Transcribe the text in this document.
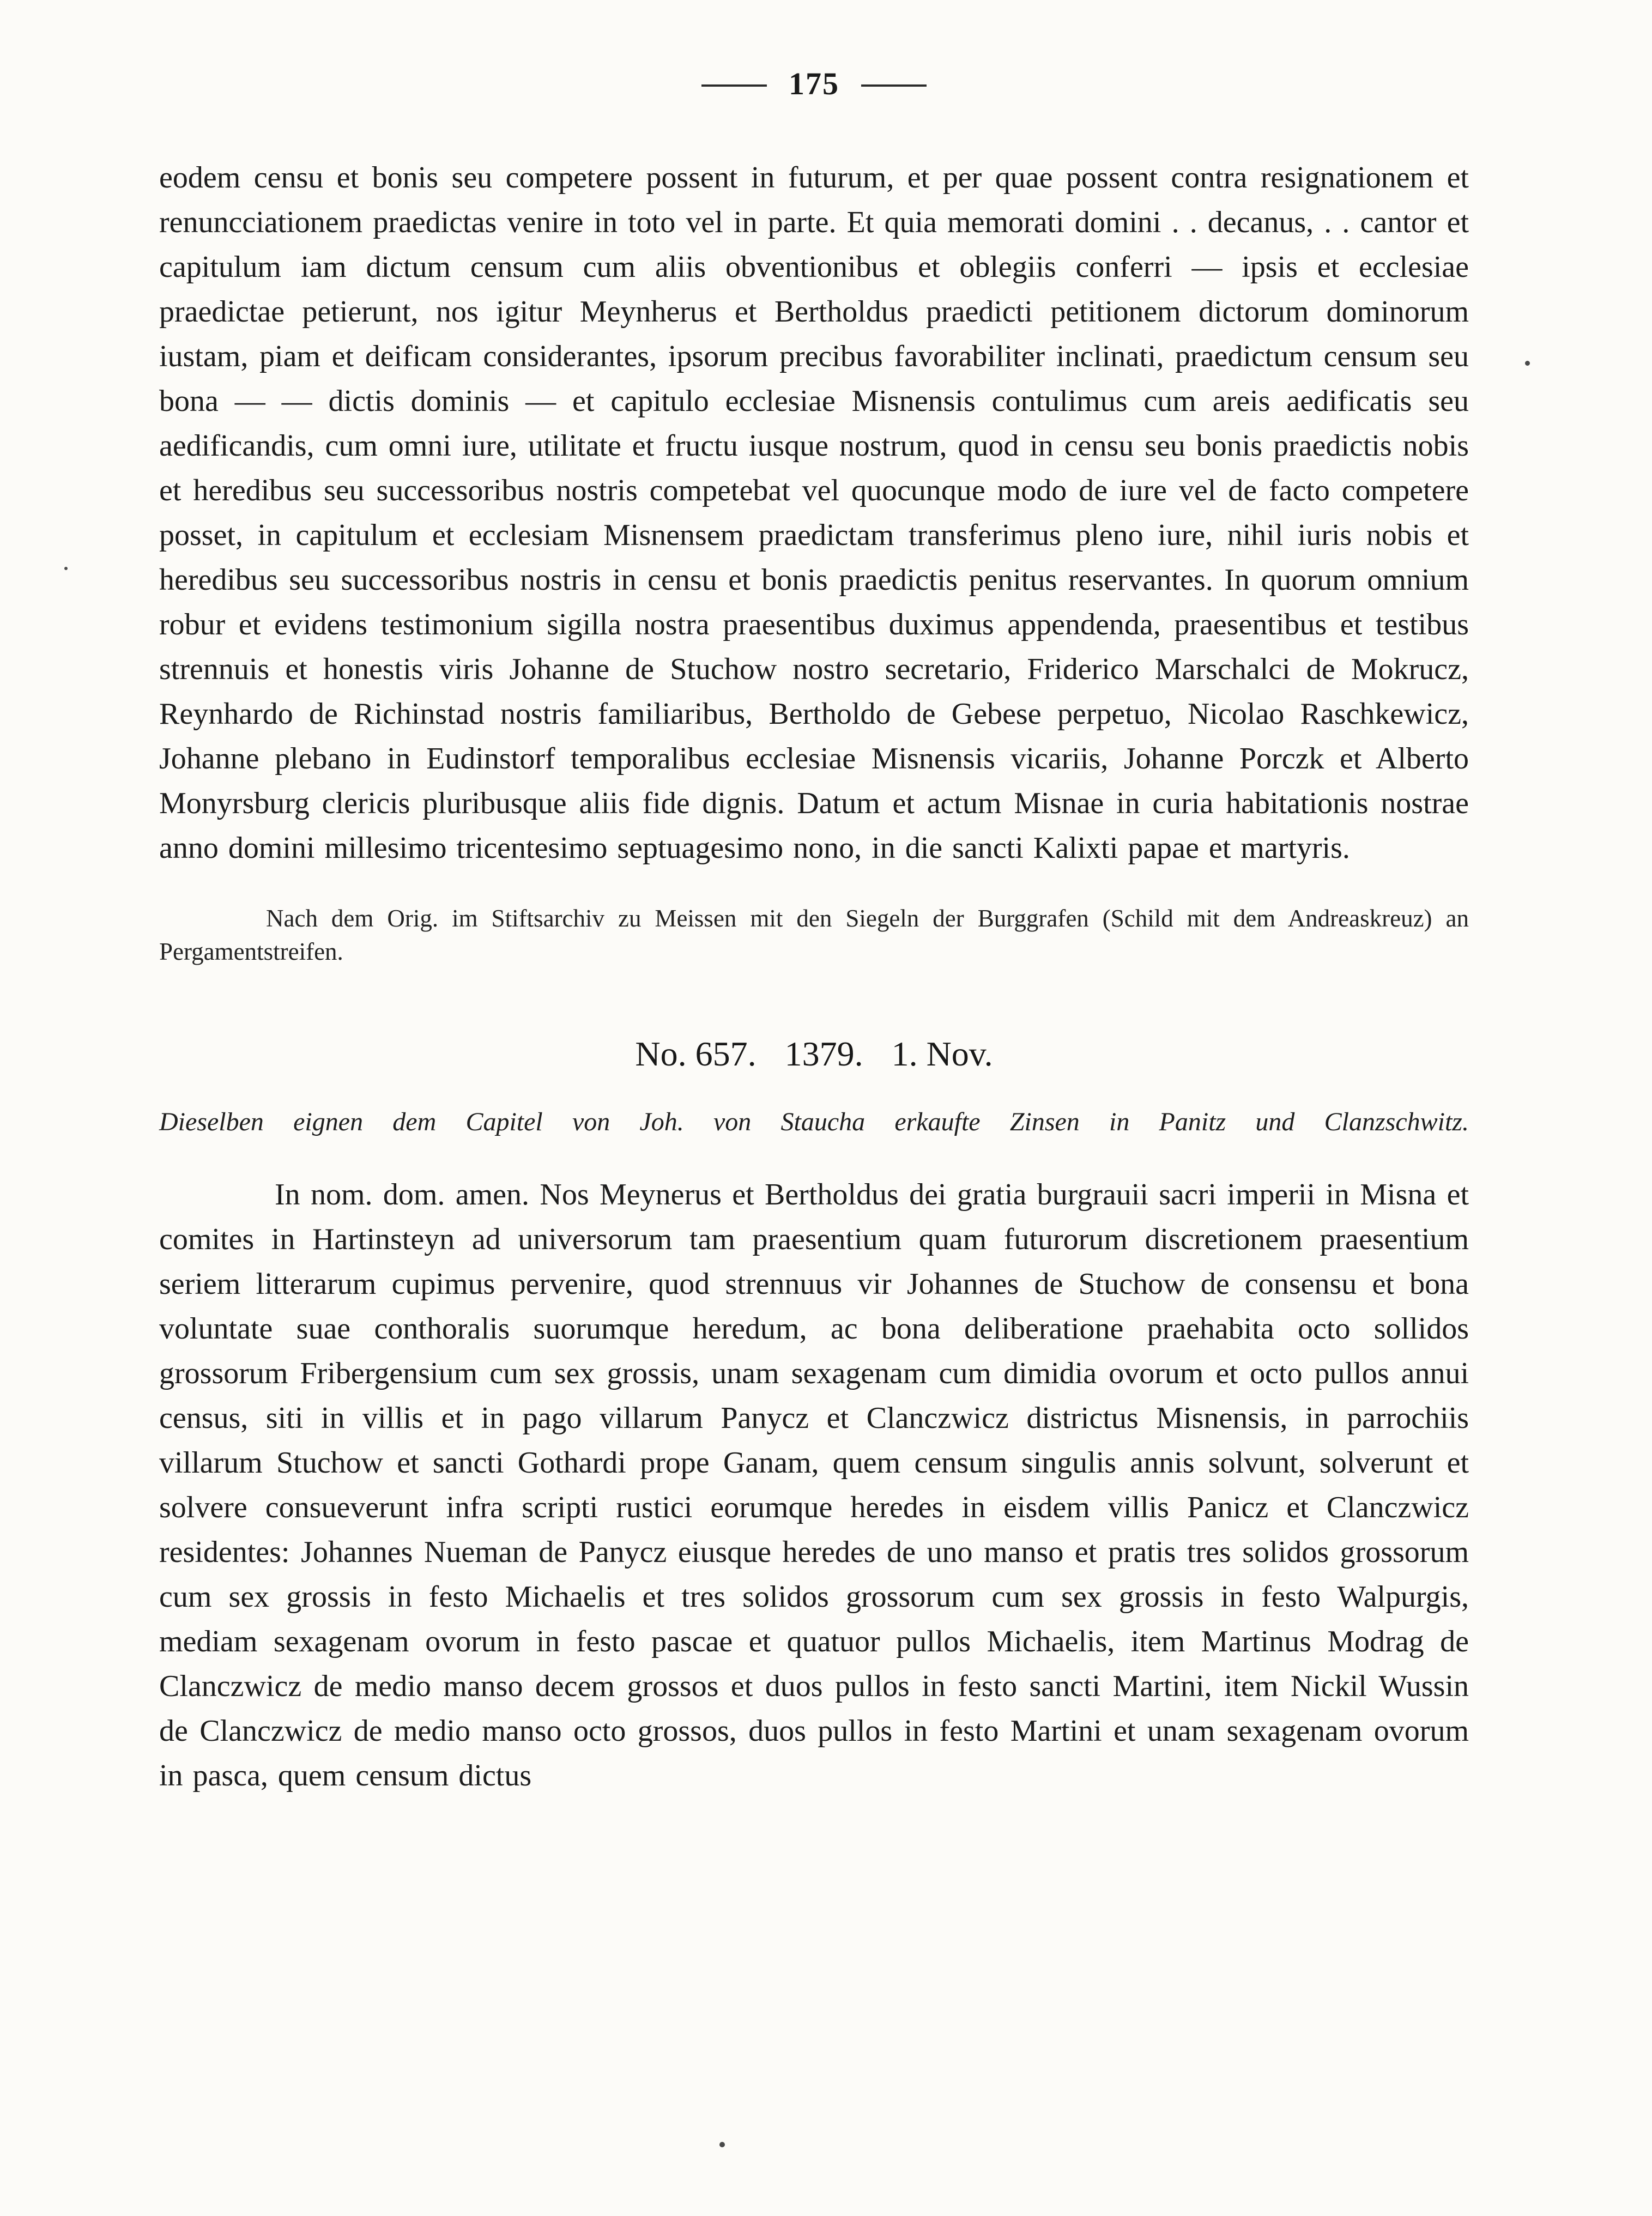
175

eodem censu et bonis seu competere possent in futurum, et per quae possent contra resignationem et renuncciationem praedictas venire in toto vel in parte. Et quia memorati domini . . decanus, . . cantor et capitulum iam dictum censum cum aliis obventionibus et oblegiis conferri — ipsis et ecclesiae praedictae petierunt, nos igitur Meynherus et Bertholdus praedicti petitionem dictorum dominorum iustam, piam et deificam considerantes, ipsorum precibus favorabiliter inclinati, praedictum censum seu bona — — dictis dominis — et capitulo ecclesiae Misnensis contulimus cum areis aedificatis seu aedificandis, cum omni iure, utilitate et fructu iusque nostrum, quod in censu seu bonis praedictis nobis et heredibus seu successoribus nostris competebat vel quocunque modo de iure vel de facto competere posset, in capitulum et ecclesiam Misnensem praedictam transferimus pleno iure, nihil iuris nobis et heredibus seu successoribus nostris in censu et bonis praedictis penitus reservantes. In quorum omnium robur et evidens testimonium sigilla nostra praesentibus duximus appendenda, praesentibus et testibus strennuis et honestis viris Johanne de Stuchow nostro secretario, Friderico Marschalci de Mokrucz, Reynhardo de Richinstad nostris familiaribus, Bertholdo de Gebese perpetuo, Nicolao Raschkewicz, Johanne plebano in Eudinstorf temporalibus ecclesiae Misnensis vicariis, Johanne Porczk et Alberto Monyrsburg clericis pluribusque aliis fide dignis. Datum et actum Misnae in curia habitationis nostrae anno domini millesimo tricentesimo septuagesimo nono, in die sancti Kalixti papae et martyris.

Nach dem Orig. im Stiftsarchiv zu Meissen mit den Siegeln der Burggrafen (Schild mit dem Andreaskreuz) an Pergamentstreifen.

No. 657. 1379. 1. Nov.

Dieselben eignen dem Capitel von Joh. von Staucha erkaufte Zinsen in Panitz und Clanzschwitz.

In nom. dom. amen. Nos Meynerus et Bertholdus dei gratia burgrauii sacri imperii in Misna et comites in Hartinsteyn ad universorum tam praesentium quam futurorum discretionem praesentium seriem litterarum cupimus pervenire, quod strennuus vir Johannes de Stuchow de consensu et bona voluntate suae conthoralis suorumque heredum, ac bona deliberatione praehabita octo sollidos grossorum Fribergensium cum sex grossis, unam sexagenam cum dimidia ovorum et octo pullos annui census, siti in villis et in pago villarum Panycz et Clanczwicz districtus Misnensis, in parrochiis villarum Stuchow et sancti Gothardi prope Ganam, quem censum singulis annis solvunt, solverunt et solvere consueverunt infra scripti rustici eorumque heredes in eisdem villis Panicz et Clanczwicz residentes: Johannes Nueman de Panycz eiusque heredes de uno manso et pratis tres solidos grossorum cum sex grossis in festo Michaelis et tres solidos grossorum cum sex grossis in festo Walpurgis, mediam sexagenam ovorum in festo pascae et quatuor pullos Michaelis, item Martinus Modrag de Clanczwicz de medio manso decem grossos et duos pullos in festo sancti Martini, item Nickil Wussin de Clanczwicz de medio manso octo grossos, duos pullos in festo Martini et unam sexagenam ovorum in pasca, quem censum dictus
